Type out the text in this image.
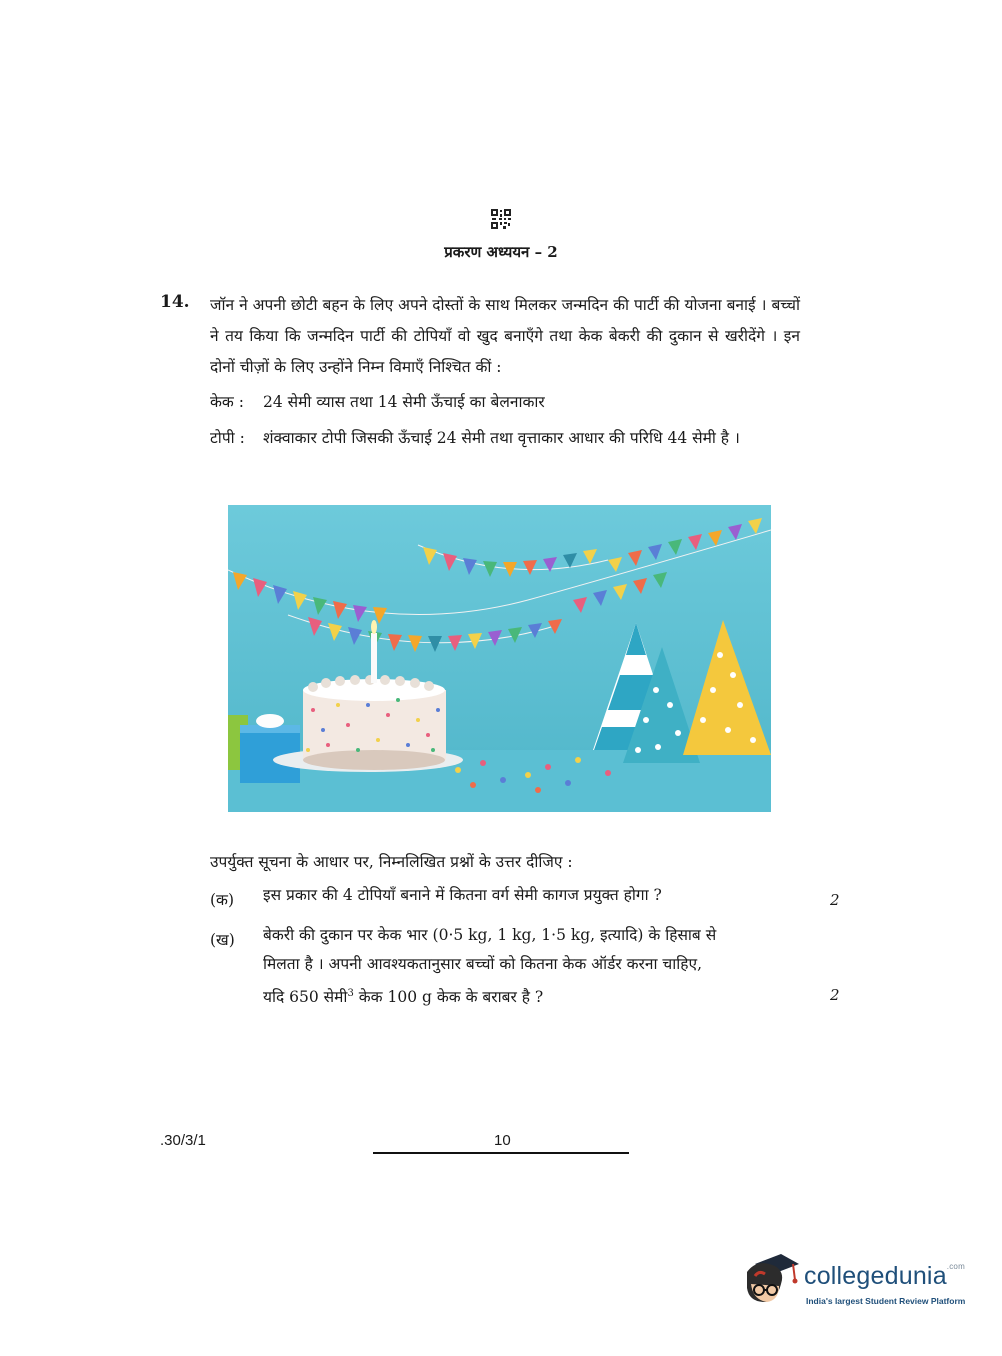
प्रकरण अध्ययन – 2
14. जॉन ने अपनी छोटी बहन के लिए अपने दोस्तों के साथ मिलकर जन्मदिन की पार्टी की योजना बनाई । बच्चों ने तय किया कि जन्मदिन पार्टी की टोपियाँ वो खुद बनाएँगे तथा केक बेकरी की दुकान से खरीदेंगे । इन दोनों चीज़ों के लिए उन्होंने निम्न विमाएँ निश्चित कीं :
केक : 24 सेमी व्यास तथा 14 सेमी ऊँचाई का बेलनाकार
टोपी : शंक्वाकार टोपी जिसकी ऊँचाई 24 सेमी तथा वृत्ताकार आधार की परिधि 44 सेमी है ।
उपर्युक्त सूचना के आधार पर, निम्नलिखित प्रश्नों के उत्तर दीजिए :
(क) इस प्रकार की 4 टोपियाँ बनाने में कितना वर्ग सेमी कागज प्रयुक्त होगा ?	2
(ख) बेकरी की दुकान पर केक भार (0·5 kg, 1 kg, 1·5 kg, इत्यादि) के हिसाब से
मिलता है । अपनी आवश्यकतानुसार बच्चों को कितना केक ऑर्डर करना चाहिए,
यदि 650 सेमी$^3$ केक 100 g केक के बराबर है ?	2
.30/3/1	10
collegedunia$^{.com}$
India's largest Student Review Platform
